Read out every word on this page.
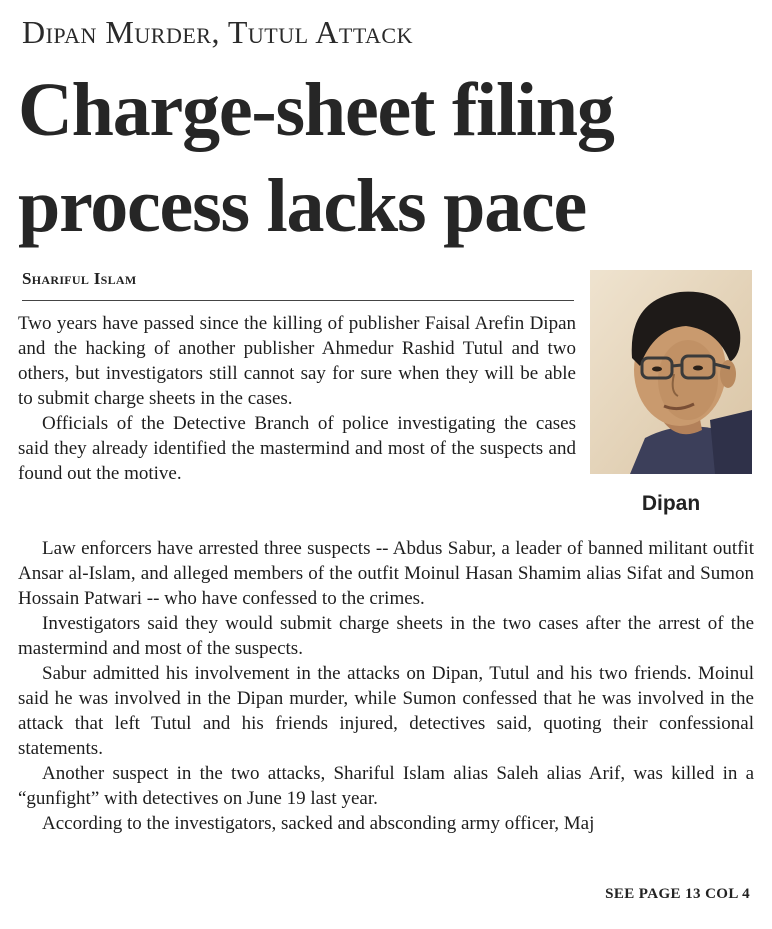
Dipan Murder, Tutul Attack
Charge-sheet filing process lacks pace
Shariful Islam
Dipan

Two years have passed since the killing of publisher Faisal Arefin Dipan and the hacking of another publisher Ahmedur Rashid Tutul and two others, but investigators still cannot say for sure when they will be able to submit charge sheets in the cases.

Officials of the Detective Branch of police investigating the cases said they already identified the mastermind and most of the suspects and found out the motive.

Law enforcers have arrested three suspects -- Abdus Sabur, a leader of banned militant outfit Ansar al-Islam, and alleged members of the outfit Moinul Hasan Shamim alias Sifat and Sumon Hossain Patwari -- who have confessed to the crimes.

Investigators said they would submit charge sheets in the two cases after the arrest of the mastermind and most of the suspects.

Sabur admitted his involvement in the attacks on Dipan, Tutul and his two friends. Moinul said he was involved in the Dipan murder, while Sumon confessed that he was involved in the attack that left Tutul and his friends injured, detectives said, quoting their confessional statements.

Another suspect in the two attacks, Shariful Islam alias Saleh alias Arif, was killed in a “gunfight” with detectives on June 19 last year.

According to the investigators, sacked and absconding army officer, Maj

SEE PAGE 13 COL 4
